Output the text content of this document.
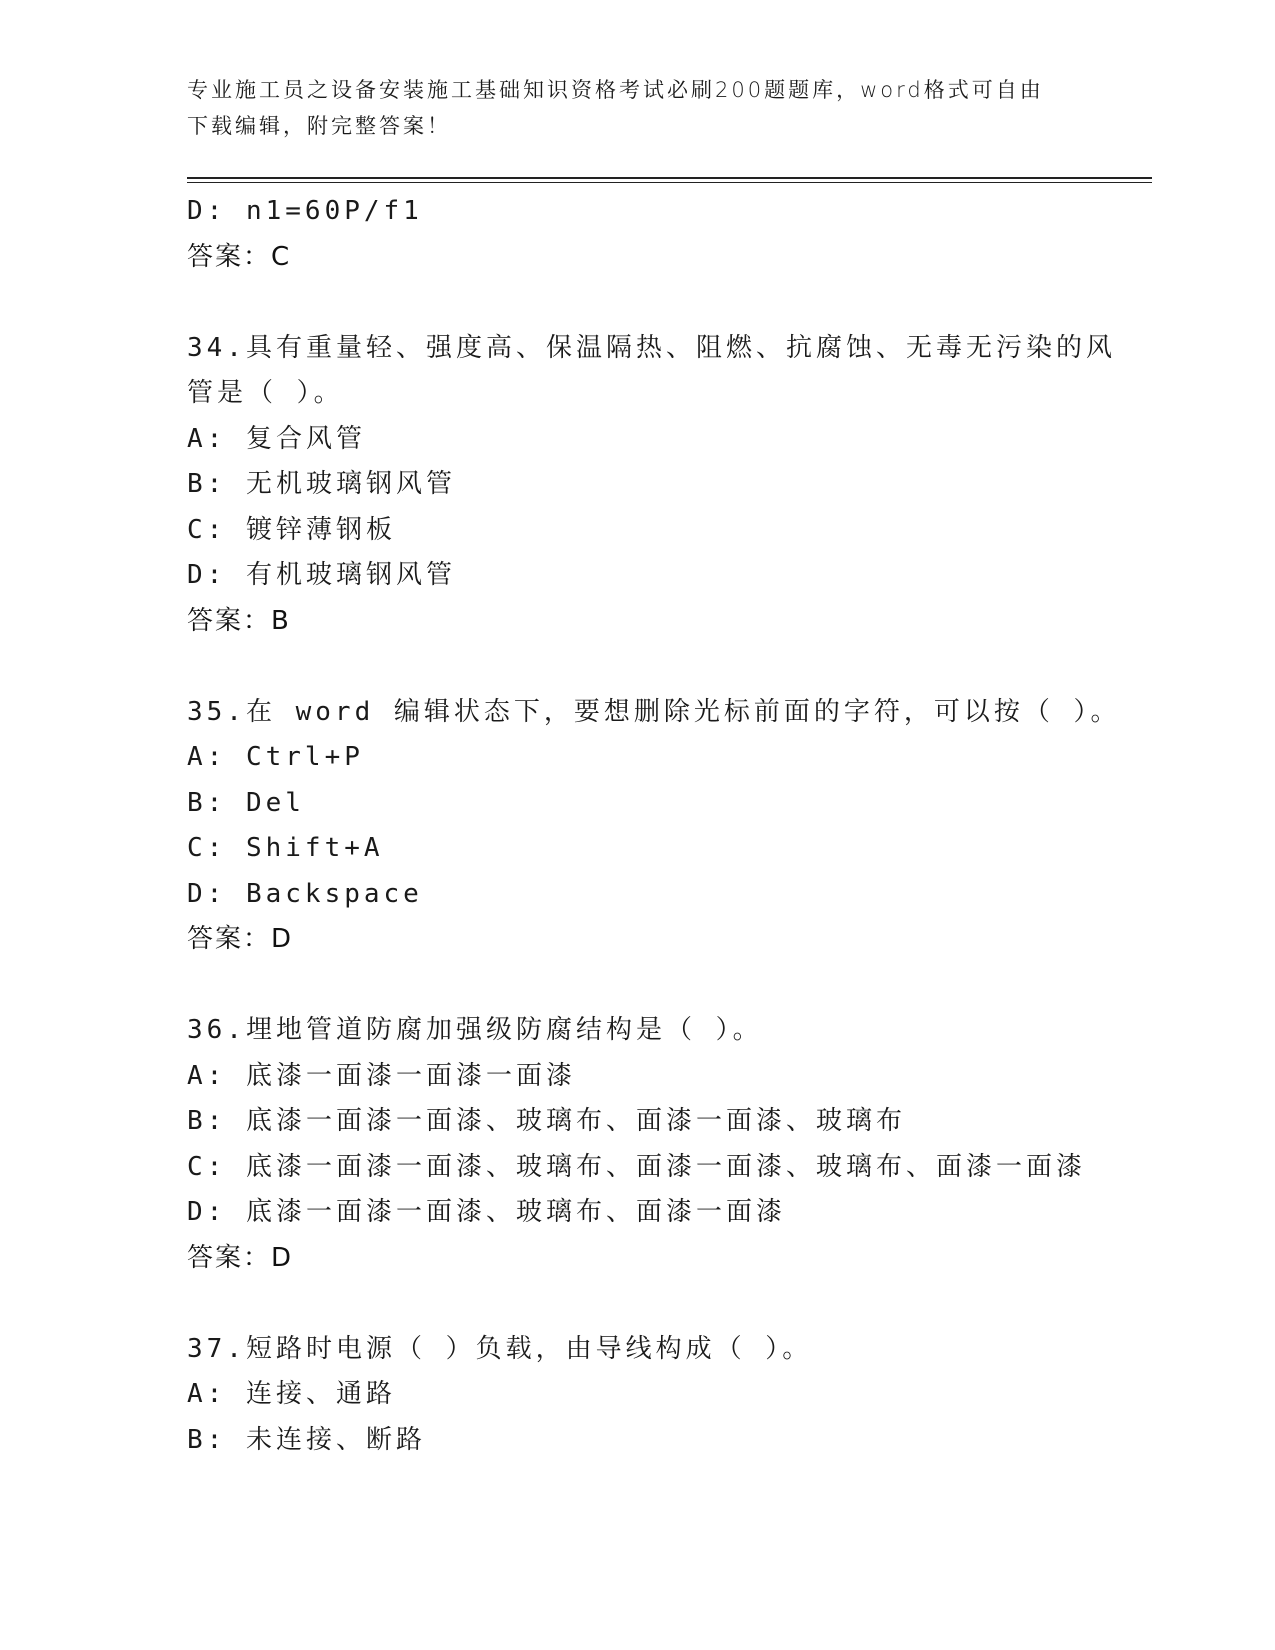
专业施工员之设备安装施工基础知识资格考试必刷200题题库，word格式可自由下载编辑，附完整答案！
D: n1=60P/f1
答案：C
34.具有重量轻、强度高、保温隔热、阻燃、抗腐蚀、无毒无污染的风
管是（ ）。
A: 复合风管
B: 无机玻璃钢风管
C: 镀锌薄钢板
D: 有机玻璃钢风管
答案：B
35.在 word 编辑状态下，要想删除光标前面的字符，可以按（ ）。
A: Ctrl+P
B: Del
C: Shift+A
D: Backspace
答案：D
36.埋地管道防腐加强级防腐结构是（ ）。
A: 底漆一面漆一面漆一面漆
B: 底漆一面漆一面漆、玻璃布、面漆一面漆、玻璃布
C: 底漆一面漆一面漆、玻璃布、面漆一面漆、玻璃布、面漆一面漆
D: 底漆一面漆一面漆、玻璃布、面漆一面漆
答案：D
37.短路时电源（ ）负载，由导线构成（ ）。
A: 连接、通路
B: 未连接、断路
